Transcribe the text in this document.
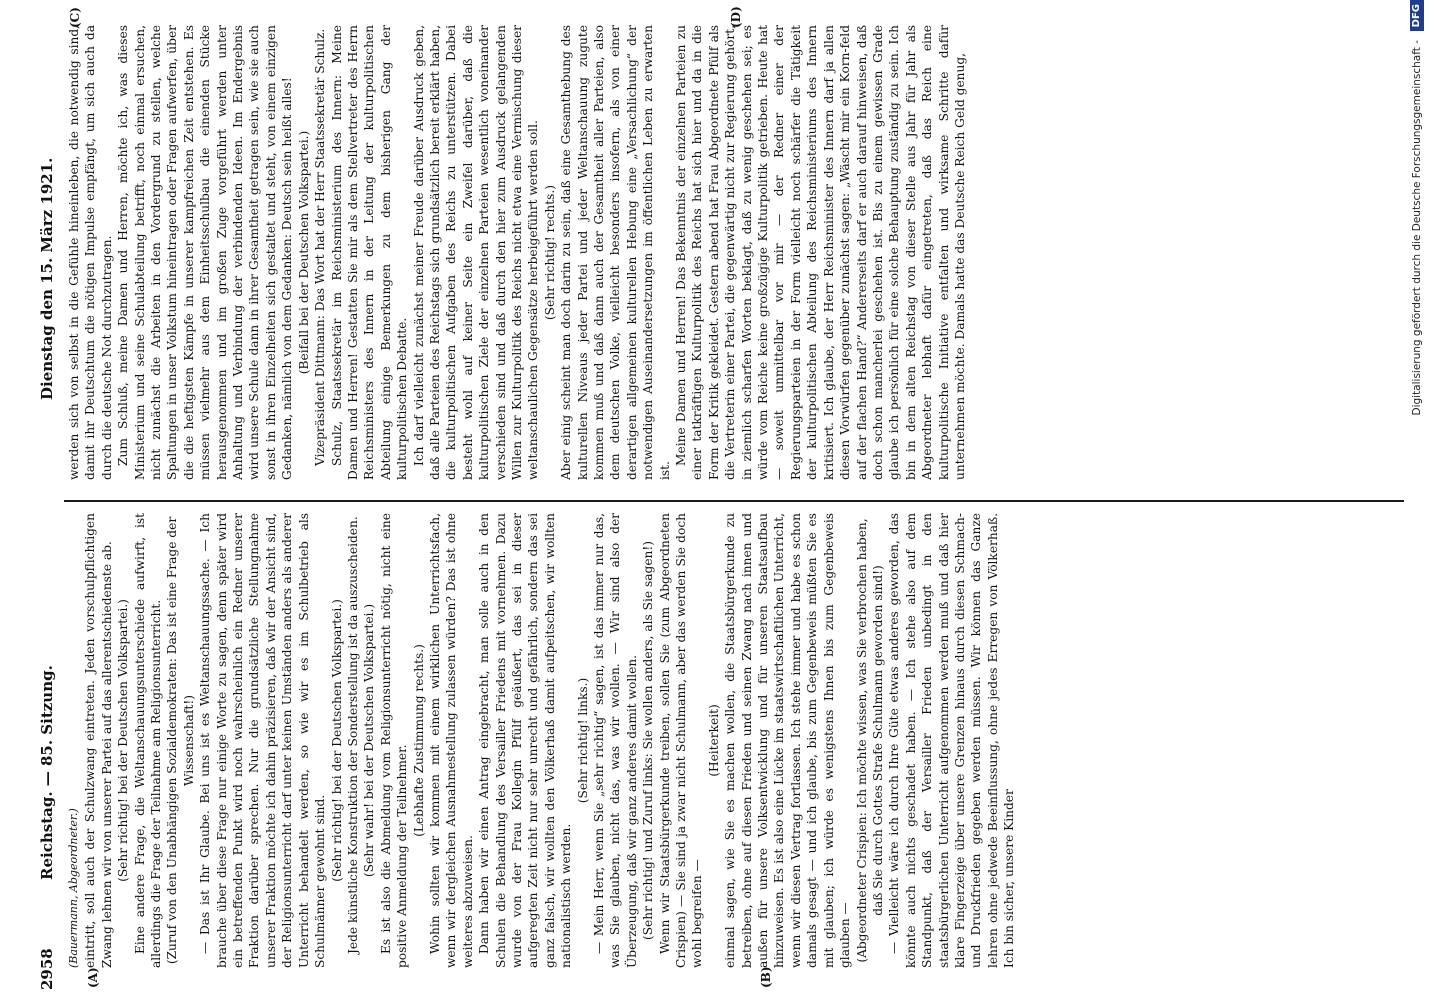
2958
Reichstag. — 85. Sitzung.
Dienstag den 15. März 1921.
(A)	(B)
(C)	(D)

(Bauermann, Abgeordneter.) eintritt, soll auch der Schulzwang eintreten. Jeden vorschulpflichtigen Zwang lehnen wir von unserer Partei auf das allerentschiedenste ab. (Sehr richtig! bei der Deutschen Volkspartei.) Eine andere Frage, die Weltanschauungsunterschiede aufwirft, ist allerdings die Frage der Teilnahme am Religionsunterricht. (Zuruf von den Unabhängigen Sozialdemokraten: Das ist eine Frage der Wissenschaft!) — Das ist Ihr Glaube. Bei uns ist es Weltanschauungssache. — Ich brauche über diese Frage nur einige Worte zu sagen, denn später wird ein betreffenden Punkt wird noch wahrscheinlich ein Redner unserer Fraktion darüber sprechen. Nur die grundsätzliche Stellungnahme unserer Fraktion möchte ich dahin präzisieren, daß wir der Ansicht sind, der Religionsunterricht darf unter keinen Umständen anders als anderer Unterricht behandelt werden, so wie wir es im Schulbetrieb als Schulmänner gewohnt sind. (Sehr richtig! bei der Deutschen Volkspartei.) Jede künstliche Konstruktion der Sonderstellung ist da auszuscheiden. (Sehr wahr! bei der Deutschen Volkspartei.) Es ist also die Abmeldung vom Religionsunterricht nötig, nicht eine positive Anmeldung der Teilnehmer.

(Lebhafte Zustimmung rechts.) Wohin sollten wir kommen mit einem wirklichen Unterrichtsfach, wenn wir dergleichen Ausnahmestellung zulassen würden? Das ist ohne weiteres abzuweisen. Dann haben wir einen Antrag eingebracht, man solle auch in den Schulen die Behandlung des Versailler Friedens mit vornehmen. Dazu wurde von der Frau Kollegin Pfülf geäußert, das sei in dieser aufgeregten Zeit nicht nur sehr unrecht und gefährlich, sondern das sei ganz falsch, wir wollten den Völkerhaß damit aufpeitschen, wir wollten nationalistisch werden.

(Sehr richtig! links.) — Mein Herr, wenn Sie „sehr richtig“ sagen, ist das immer nur das, was Sie glauben, nicht das, was wir wollen. — Wir sind also der Überzeugung, daß wir ganz anderes damit wollen. (Sehr richtig! und Zuruf links: Sie wollen anders, als Sie sagen!) Wenn wir Staatsbürgerkunde treiben, sollen Sie (zum Abgeordneten Crispien) — Sie sind ja zwar nicht Schulmann, aber das werden Sie doch wohl begreifen —

(Heiterkeit) einmal sagen, wie Sie es machen wollen, die Staatsbürgerkunde zu betreiben, ohne auf diesen Frieden und seinen Zwang nach innen und außen für unsere Volksentwicklung und für unseren Staatsaufbau hinzuweisen. Es ist also eine Lücke im staatswirtschaftlichen Unterricht, wenn wir diesen Vertrag fortlassen. Ich stehe immer und habe es schon damals gesagt — und ich glaube, bis zum Gegenbeweis müßten Sie es mit glauben; ich würde es wenigstens Ihnen bis zum Gegenbeweis glauben — (Abgeordneter Crispien: Ich möchte wissen, was Sie verbrochen haben, daß Sie durch Gottes Strafe Schulmann geworden sind!) — Vielleicht wäre ich durch Ihre Güte etwas anderes geworden, das könnte auch nichts geschadet haben. — Ich stehe also auf dem Standpunkt, daß der Versailler Frieden unbedingt in den staatsbürgerlichen Unterricht aufgenommen werden muß und daß hier klare Fingerzeige über unsere Grenzen hinaus durch diesen Schmach- und Druckfrieden gegeben werden müssen. Wir können das Ganze lehren ohne jedwede Beeinflussung, ohne jedes Erregen von Völkerhaß. Ich bin sicher, unsere Kinder

werden sich von selbst in die Gefühle hineinleben, die notwendig sind, damit ihr Deutschtum die nötigen Impulse empfängt, um sich auch da durch die deutsche Not durchzutragen. Zum Schluß, meine Damen und Herren, möchte ich, was dieses Ministerium und seine Schulabteilung betrifft, noch einmal ersuchen, nicht zunächst die Arbeiten in den Vordergrund zu stellen, welche Spaltungen in unser Volkstum hineintragen oder Fragen aufwerfen, über die die heftigsten Kämpfe in unserer kampfreichen Zeit entstehen. Es müssen vielmehr aus dem Einheitsschulbau die einenden Stücke herausgenommen und im großen Zuge vorgeführt werden unter Anhaltung und Verbindung der verbindenden Ideen. Im Endergebnis wird unsere Schule dann in ihrer Gesamtheit getragen sein, wie sie auch sonst in ihren Einzelheiten sich gestaltet und steht, von einem einzigen Gedanken, nämlich von dem Gedanken: Deutsch sein heißt alles! (Beifall bei der Deutschen Volkspartei.) Vizepräsident Dittmann: Das Wort hat der Herr Staatssekretär Schulz. Schulz, Staatssekretär im Reichsministerium des Innern: Meine Damen und Herren! Gestatten Sie mir als dem Stellvertreter des Herrn Reichsministers des Innern in der Leitung der kulturpolitischen Abteilung einige Bemerkungen zu dem bisherigen Gang der kulturpolitischen Debatte. Ich darf vielleicht zunächst meiner Freude darüber Ausdruck geben, daß alle Parteien des Reichstags sich grundsätzlich bereit erklärt haben, die kulturpolitischen Aufgaben des Reichs zu unterstützen. Dabei besteht wohl auf keiner Seite ein Zweifel darüber, daß die kulturpolitischen Ziele der einzelnen Parteien wesentlich voneinander verschieden sind und daß durch den hier zum Ausdruck gelangenden Willen zur Kulturpolitik des Reichs nicht etwa eine Vermischung dieser weltanschaulichen Gegensätze herbeigeführt werden soll. (Sehr richtig! rechts.) Aber einig scheint man doch darin zu sein, daß eine Gesamthebung des kulturellen Niveaus jeder Partei und jeder Weltanschauung zugute kommen muß und daß dann auch der Gesamtheit aller Parteien, also dem deutschen Volke, vielleicht besonders insofern, als von einer derartigen allgemeinen kulturellen Hebung eine „Versachlichung“ der notwendigen Auseinandersetzungen im öffentlichen Leben zu erwarten ist.

Meine Damen und Herren! Das Bekenntnis der einzelnen Parteien zu einer tatkräftigen Kulturpolitik des Reichs hat sich hier und da in die Form der Kritik gekleidet. Gestern abend hat Frau Abgeordnete Pfülf als die Vertreterin einer Partei, die gegenwärtig nicht zur Regierung gehört, in ziemlich scharfen Worten beklagt, daß zu wenig geschehen sei; es würde vom Reiche keine großzügige Kulturpolitik getrieben. Heute hat — soweit unmittelbar vor mir — der Redner einer der Regierungsparteien in der Form vielleicht noch schärfer die Tätigkeit der kulturpolitischen Abteilung des Reichsministeriums des Innern kritisiert. Ich glaube, der Herr Reichsminister des Innern darf ja allen diesen Vorwürfen gegenüber zunächst sagen: „Wäscht mir ein Korn-feld auf der flachen Hand?“ Andererseits darf er auch darauf hinweisen, daß doch schon mancherlei geschehen ist. Bis zu einem gewissen Grade glaube ich persönlich für eine solche Behauptung zuständig zu sein. Ich bin in dem alten Reichstag von dieser Stelle aus Jahr für Jahr als Abgeordneter lebhaft dafür eingetreten, daß das Reich eine kulturpolitische Initiative entfalten und wirksame Schritte dafür unternehmen möchte. Damals hatte das Deutsche Reich Geld genug,	Digitalisierung gefördert durch die Deutsche Forschungsgemeinschaft -
DFG
